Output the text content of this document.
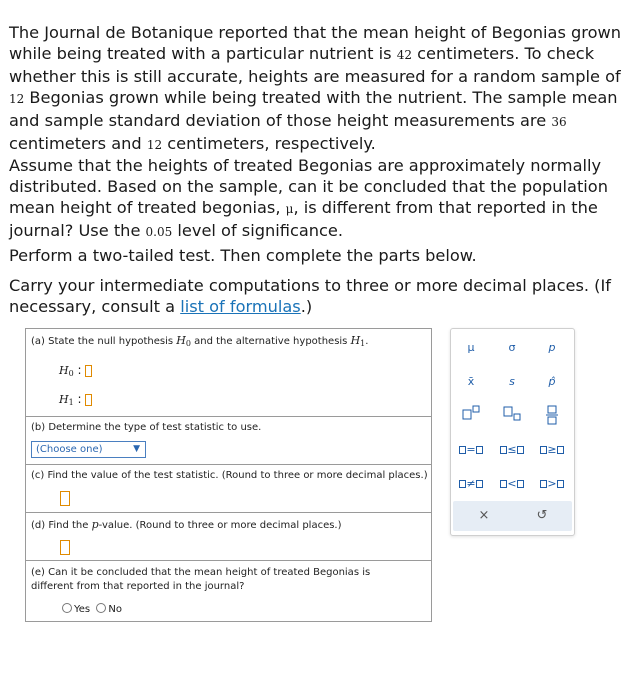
The Journal de Botanique reported that the mean height of Begonias grown while being treated with a particular nutrient is 42 centimeters. To check whether this is still accurate, heights are measured for a random sample of 12 Begonias grown while being treated with the nutrient. The sample mean and sample standard deviation of those height measurements are 36 centimeters and 12 centimeters, respectively.

Assume that the heights of treated Begonias are approximately normally distributed. Based on the sample, can it be concluded that the population mean height of treated begonias, μ, is different from that reported in the journal? Use the 0.05 level of significance.

Perform a two-tailed test. Then complete the parts below.

Carry your intermediate computations to three or more decimal places. (If necessary, consult a list of formulas.)

(a) State the null hypothesis $H_0$ and the alternative hypothesis $H_1$.
$H_0$ :
$H_1$ :
(b) Determine the type of test statistic to use.
(c) Find the value of the test statistic. (Round to three or more decimal places.)
(d) Find the p-value. (Round to three or more decimal places.)
(e) Can it be concluded that the mean height of treated Begonias is different from that reported in the journal?
Yes No
(Choose one)	▼
μ	σ	p
x̄	s	p̂
=	≤	≥
≠	<	>
×	↺
